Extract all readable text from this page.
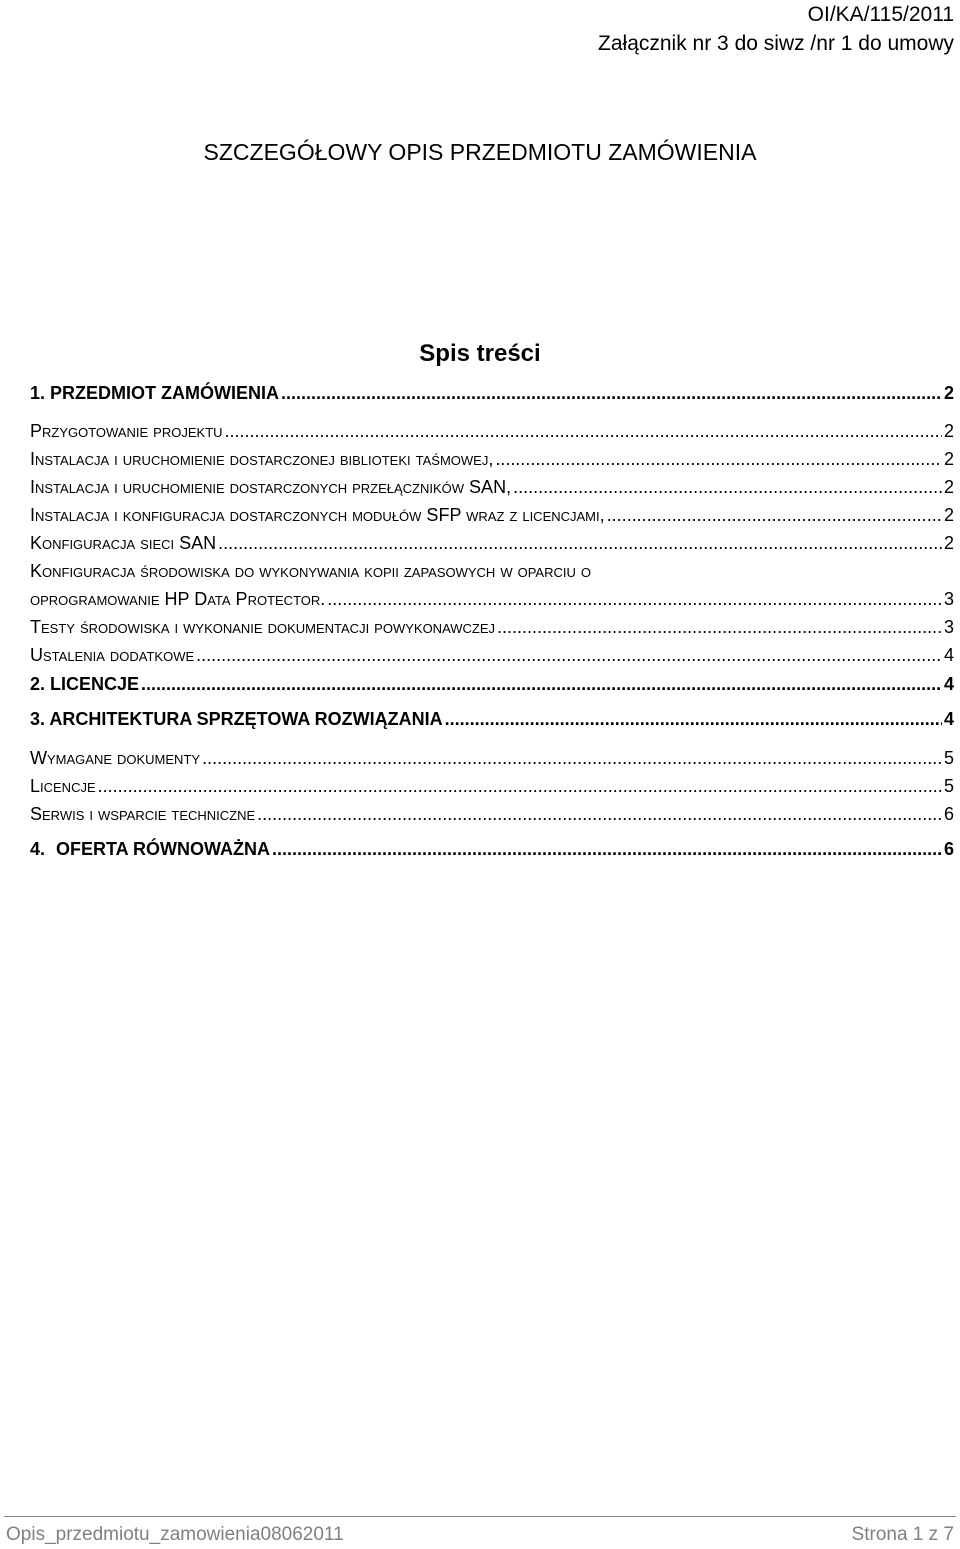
OI/KA/115/2011
Załącznik nr 3 do siwz /nr 1 do umowy
SZCZEGÓŁOWY OPIS PRZEDMIOTU ZAMÓWIENIA
Spis treści
1. PRZEDMIOT ZAMÓWIENIA .....	2
Przygotowanie projektu .....	2
Instalacja i uruchomienie dostarczonej biblioteki taśmowej, .....	2
Instalacja i uruchomienie dostarczonych przełączników SAN, .....	2
Instalacja i konfiguracja dostarczonych modułów SFP wraz z licencjami, .....	2
Konfiguracja sieci SAN .....	2
Konfiguracja środowiska do wykonywania kopii zapasowych w oparciu o
oprogramowanie HP Data Protector. .....	3
Testy środowiska i wykonanie dokumentacji powykonawczej .....	3
Ustalenia dodatkowe .....	4
2. LICENCJE .....	4
3. ARCHITEKTURA SPRZĘTOWA ROZWIĄZANIA .....	4
Wymagane dokumenty .....	5
Licencje .....	5
Serwis i wsparcie techniczne .....	6
4. OFERTA RÓWNOWAŻNA .....	6
Opis_przedmiotu_zamowienia08062011	Strona 1 z 7
